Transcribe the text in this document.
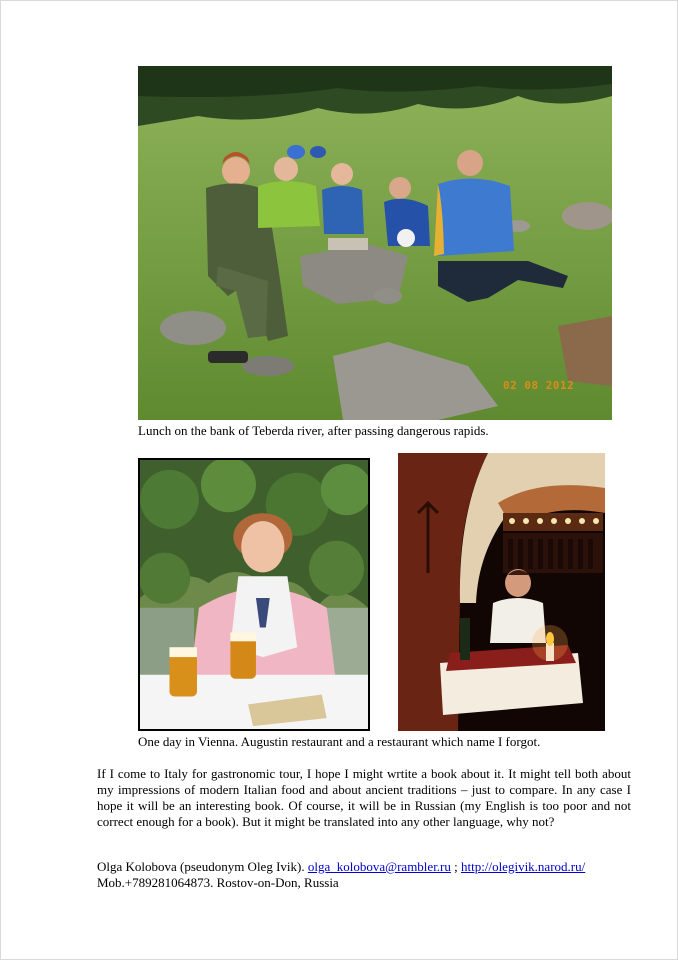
02 08 2012
Lunch on the bank of Teberda river, after passing dangerous rapids.
One day in Vienna. Augustin restaurant and a restaurant which name I forgot.
If I come to Italy for gastronomic tour, I hope I might wrtite a book about it. It might tell both about my impressions of modern Italian food and about ancient traditions – just to compare. In any case I hope it will be an interesting book. Of course, it will be in Russian (my English is too poor and not correct enough for a book). But it might be translated into any other language, why not?
Olga Kolobova (pseudonym Oleg Ivik). olga_kolobova@rambler.ru ; http://olegivik.narod.ru/
Mob.+789281064873. Rostov-on-Don, Russia
